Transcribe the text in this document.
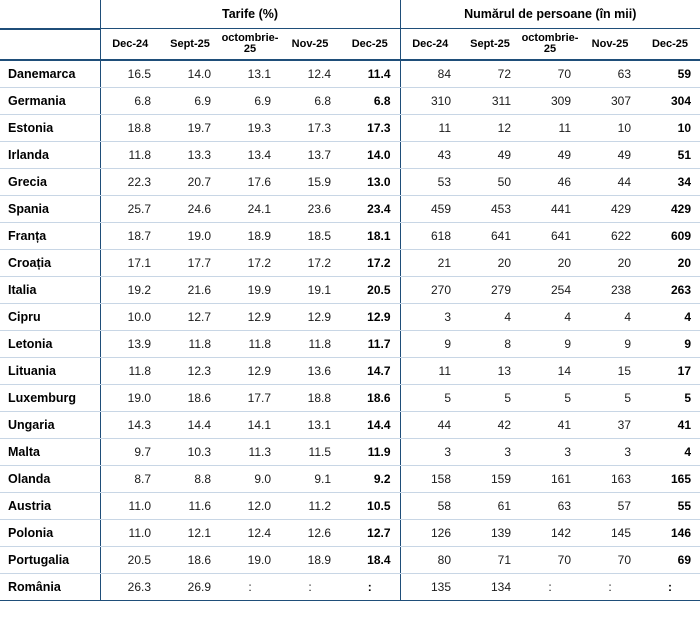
	Tarife (%)					Numărul de persoane (în mii)				
	Dec-24	Sept-25	octombrie-25	Nov-25	Dec-25	Dec-24	Sept-25	octombrie-25	Nov-25	Dec-25
Danemarca	16.5	14.0	13.1	12.4	11.4	84	72	70	63	59
Germania	6.8	6.9	6.9	6.8	6.8	310	311	309	307	304
Estonia	18.8	19.7	19.3	17.3	17.3	11	12	11	10	10
Irlanda	11.8	13.3	13.4	13.7	14.0	43	49	49	49	51
Grecia	22.3	20.7	17.6	15.9	13.0	53	50	46	44	34
Spania	25.7	24.6	24.1	23.6	23.4	459	453	441	429	429
Franța	18.7	19.0	18.9	18.5	18.1	618	641	641	622	609
Croația	17.1	17.7	17.2	17.2	17.2	21	20	20	20	20
Italia	19.2	21.6	19.9	19.1	20.5	270	279	254	238	263
Cipru	10.0	12.7	12.9	12.9	12.9	3	4	4	4	4
Letonia	13.9	11.8	11.8	11.8	11.7	9	8	9	9	9
Lituania	11.8	12.3	12.9	13.6	14.7	11	13	14	15	17
Luxemburg	19.0	18.6	17.7	18.8	18.6	5	5	5	5	5
Ungaria	14.3	14.4	14.1	13.1	14.4	44	42	41	37	41
Malta	9.7	10.3	11.3	11.5	11.9	3	3	3	3	4
Olanda	8.7	8.8	9.0	9.1	9.2	158	159	161	163	165
Austria	11.0	11.6	12.0	11.2	10.5	58	61	63	57	55
Polonia	11.0	12.1	12.4	12.6	12.7	126	139	142	145	146
Portugalia	20.5	18.6	19.0	18.9	18.4	80	71	70	70	69
România	26.3	26.9	:	:	:	135	134	:	:	:
